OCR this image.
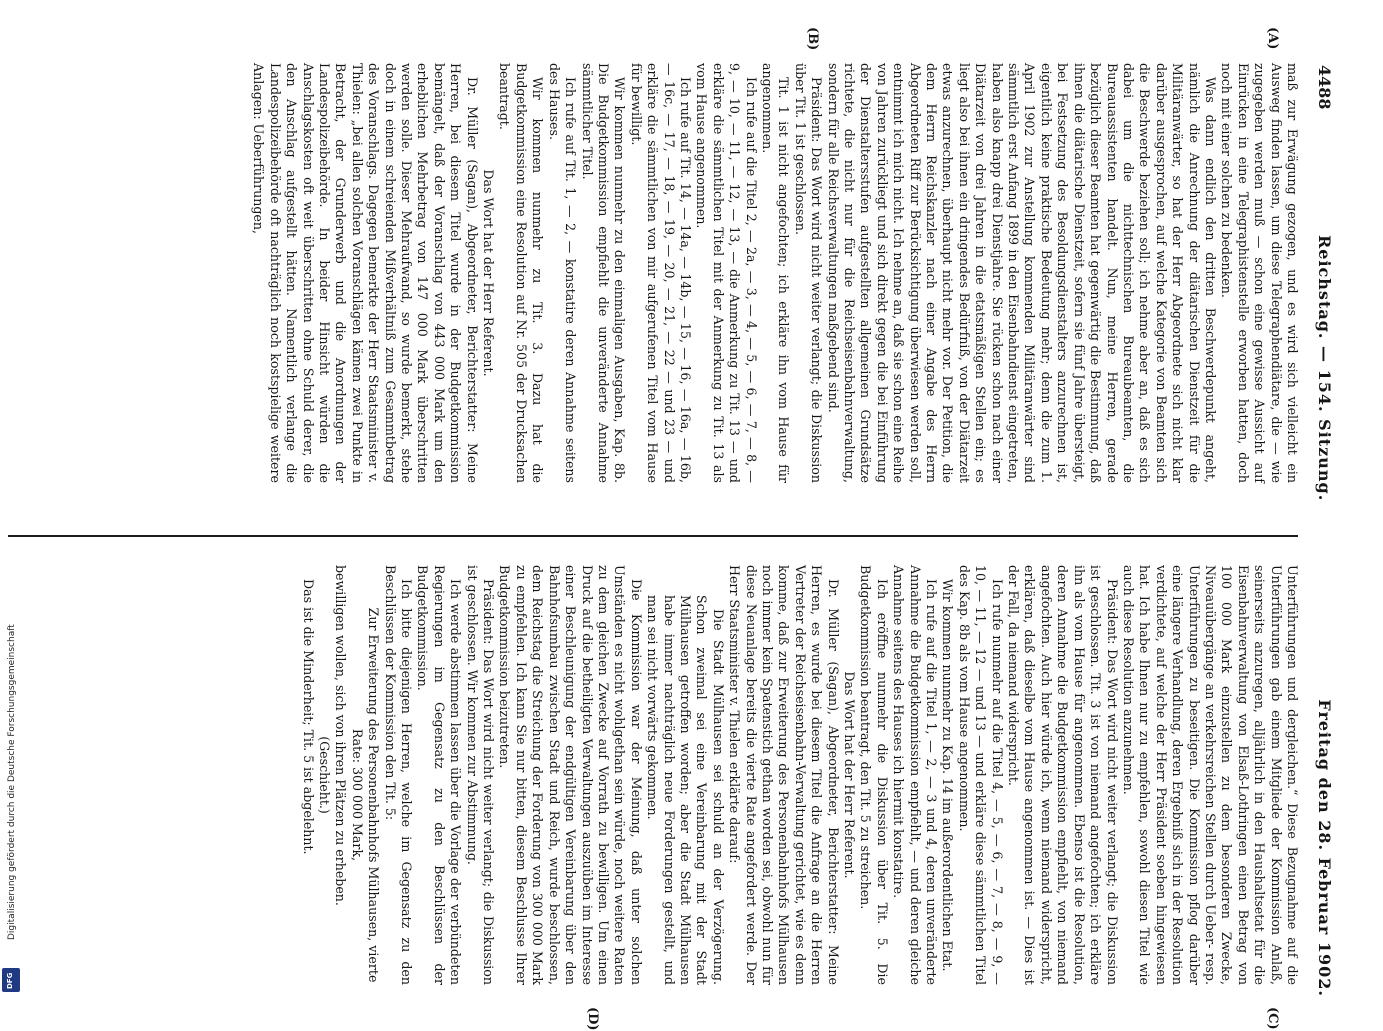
4488
Reichstag. — 154. Sitzung.
Freitag den 28. Februar 1902.
(A)
(B)
(C)
(D)

maß zur Erwägung gezogen, und es wird sich vielleicht ein Ausweg finden lassen, um diese Telegraphendiätare, die — wie zugegeben werden muß — schon eine gewisse Aussicht auf Einrücken in eine Telegraphistenstelle erworben hatten, doch noch mit einer solchen zu bedenken.

Was dann endlich den dritten Beschwerdepunkt angeht, nämlich die Anrechnung der diätarischen Dienstzeit für die Militäranwärter, so hat der Herr Abgeordnete sich nicht klar darüber ausgesprochen, auf welche Kategorie von Beamten sich die Beschwerde beziehen soll; ich nehme aber an, daß es sich dabei um die nichttechnischen Bureaubeamten, die Bureauassistenten handelt. Nun, meine Herren, gerade bezüglich dieser Beamten hat gegenwärtig die Bestimmung, daß ihnen die diätarische Dienstzeit, sofern sie fünf Jahre übersteigt, bei Festsetzung des Besoldungsdienstalters anzurechnen ist, eigentlich keine praktische Bedeutung mehr; denn die zum 1. April 1902 zur Anstellung kommenden Militäranwärter sind sämmtlich erst Anfang 1899 in den Eisenbahndienst eingetreten, haben also knapp drei Dienstjahre. Sie rücken schon nach einer Diätarzeit von drei Jahren in die etatsmäßigen Stellen ein; es liegt also bei ihnen ein dringendes Bedürfniß, von der Diätarzeit etwas anzurechnen, überhaupt nicht mehr vor. Der Petition, die dem Herrn Reichskanzler nach einer Angabe des Herrn Abgeordneten Riff zur Berücksichtigung überwiesen werden soll, entnimmt ich mich nicht. Ich nehme an, daß sie schon eine Reihe von Jahren zurückliegt und sich direkt gegen die bei Einführung der Dienstaltersstufen aufgestellten allgemeinen Grundsätze richtete, die nicht nur für die Reichseisenbahnverwaltung, sondern für alle Reichsverwaltungen maßgebend sind.

Präsident: Das Wort wird nicht weiter verlangt; die Diskussion über Tit. 1 ist geschlossen.

Tit. 1 ist nicht angefochten; ich erkläre ihn vom Hause für angenommen.

Ich rufe auf die Titel 2, — 2a, — 3, — 4, — 5, — 6, — 7, — 8, — 9, — 10, — 11, — 12, — 13, — die Anmerkung zu Tit. 13 — und erkläre die sämmtlichen Titel mit der Anmerkung zu Tit. 13 als vom Hause angenommen.

Ich rufe auf Tit. 14, — 14a, — 14b, — 15, — 16, — 16a, — 16b, — 16c, — 17, — 18, — 19, — 20, — 21, — 22 — und 23 — und erkläre die sämmtlichen von mir aufgerufenen Titel vom Hause für bewilligt.

Wir kommen nunmehr zu den einmaligen Ausgaben, Kap. 8b. Die Budgetkommission empfiehlt die unveränderte Annahme sämmtlicher Titel.

Ich rufe auf Tit. 1, — 2, — konstatire deren Annahme seitens des Hauses.

Wir kommen nunmehr zu Tit. 3. Dazu hat die Budgetkommission eine Resolution auf Nr. 505 der Drucksachen beantragt.

Das Wort hat der Herr Referent.

Dr. Müller (Sagan), Abgeordneter, Berichterstatter: Meine Herren, bei diesem Titel wurde in der Budgetkommission bemängelt, daß der Voranschlag von 443 000 Mark um den erheblichen Mehrbetrag von 147 000 Mark überschritten werden solle. Dieser Mehraufwand, so wurde bemerkt, stehe doch in einem schreienden Mißverhältniß zum Gesammtbetrag des Voranschlags. Dagegen bemerkte der Herr Staatsminister v. Thielen: „bei allen solchen Voranschlägen kämen zwei Punkte in Betracht, der Grunderwerb und die Anordnungen der Landespolizeibehörde. In beider Hinsicht würden die Anschlagskosten oft weit überschritten ohne Schuld derer, die den Anschlag aufgestellt hätten. Namentlich verlange die Landespolizeibehörde oft nachträglich noch kostspielige weitere Anlagen: Ueberführungen,

Unterführungen und dergleichen.“ Diese Bezugnahme auf die Unterführungen gab einem Mitgliede der Kommission Anlaß, seinerseits anzuregen, alljährlich in den Haushaltsetat für die Eisenbahnverwaltung von Elsaß-Lothringen einen Betrag von 100 000 Mark einzustellen zu dem besonderen Zwecke, Niveauübergänge an verkehrsreichen Stellen durch Ueber- resp. Unterführungen zu beseitigen. Die Kommission pflog darüber eine längere Verhandlung, deren Ergebniß sich in der Resolution verdichtete, auf welche der Herr Präsident soeben hingewiesen hat. Ich habe Ihnen nur zu empfehlen, sowohl diesen Titel wie auch diese Resolution anzunehmen.

Präsident: Das Wort wird nicht weiter verlangt; die Diskussion ist geschlossen. Tit. 3 ist von niemand angefochten; ich erkläre ihn als vom Hause für angenommen. Ebenso ist die Resolution, deren Annahme die Budgetkommission empfiehlt, von niemand angefochten. Auch hier würde ich, wenn niemand widerspricht, erklären, daß dieselbe vom Hause angenommen ist. — Dies ist der Fall, da niemand widerspricht.

Ich rufe nunmehr auf die Titel 4, — 5, — 6, — 7, — 8, — 9, — 10, — 11, — 12 — und 13 — und erkläre diese sämmtlichen Titel des Kap. 8b als vom Hause angenommen.

Wir kommen nunmehr zu Kap. 14 im außerordentlichen Etat.

Ich rufe auf die Titel 1, — 2, — 3 und 4, deren unveränderte Annahme die Budgetkommission empfiehlt, — und deren gleiche Annahme seitens des Hauses ich hiermit konstatire.

Ich eröffne nunmehr die Diskussion über Tit. 5. Die Budgetkommission beantragt, den Tit. 5 zu streichen.

Das Wort hat der Herr Referent.

Dr. Müller (Sagan), Abgeordneter, Berichterstatter: Meine Herren, es wurde bei diesem Titel die Anfrage an die Herren Vertreter der Reichseisenbahn-Verwaltung gerichtet, wie es denn komme, daß zur Erweiterung des Personenbahnhofs Mülhausen noch immer kein Spatenstich gethan worden sei, obwohl nun für diese Neuanlage bereits die vierte Rate angefordert werde. Der Herr Staatsminister v. Thielen erklärte darauf:

Die Stadt Mülhausen sei schuld an der Verzögerung. Schon zweimal sei eine Vereinbarung mit der Stadt Mülhausen getroffen worden; aber die Stadt Mülhausen habe immer nachträglich neue Forderungen gestellt, und man sei nicht vorwärts gekommen.

Die Kommission war der Meinung, daß unter solchen Umständen es nicht wohlgethan sein würde, noch weitere Raten zu dem gleichen Zwecke auf Vorrath zu bewilligen. Um einen Druck auf die betheiligten Verwaltungen auszuüben im Interesse einer Beschleunigung der endgültigen Vereinbarung über den Bahnhofsumbau zwischen Stadt und Reich, wurde beschlossen, dem Reichstag die Streichung der Forderung von 300 000 Mark zu empfehlen. Ich kann Sie nur bitten, diesem Beschlusse Ihrer Budgetkommission beizutreten.

Präsident: Das Wort wird nicht weiter verlangt; die Diskussion ist geschlossen. Wir kommen zur Abstimmung.

Ich werde abstimmen lassen über die Vorlage der verbündeten Regierungen im Gegensatz zu den Beschlüssen der Budgetkommission.

Ich bitte diejenigen Herren, welche im Gegensatz zu den Beschlüssen der Kommission den Tit. 5:

Zur Erweiterung des Personenbahnhofs Mülhausen, vierte Rate: 300 000 Mark,

bewilligen wollen, sich von ihren Plätzen zu erheben.

(Geschieht.)

Das ist die Minderheit; Tit. 5 ist abgelehnt.

Digitalisierung gefördert durch die Deutsche Forschungsgemeinschaft
DFG
